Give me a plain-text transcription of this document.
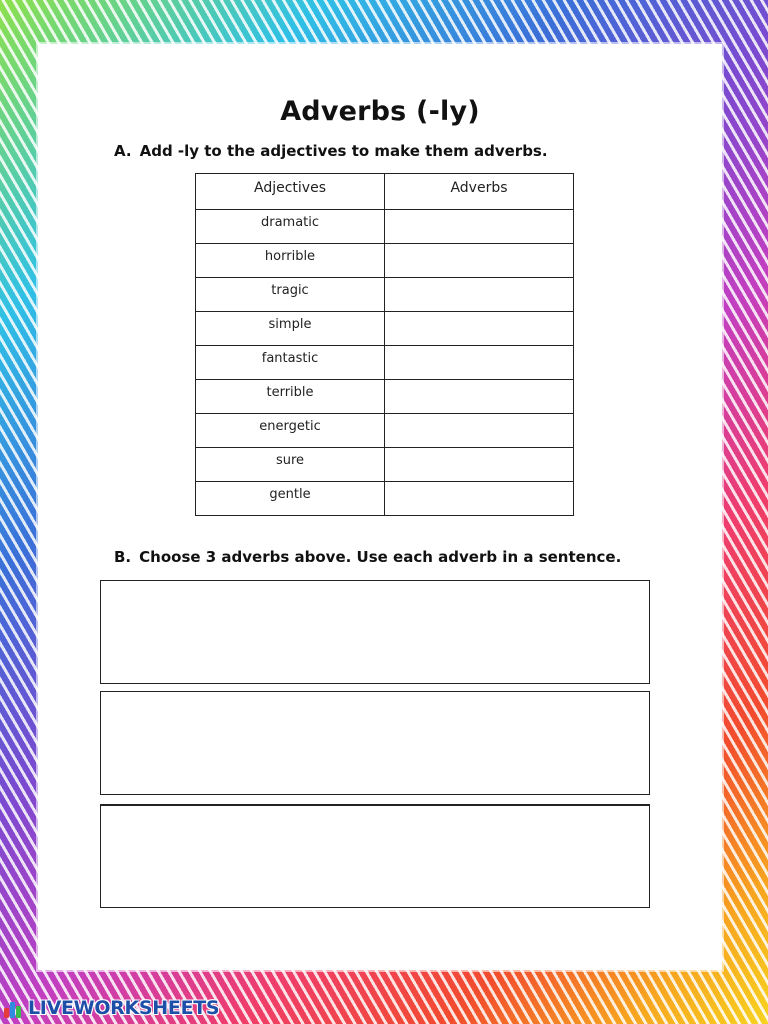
Adverbs (-ly)

A. Add -ly to the adjectives to make them adverbs.

Adjectives	Adverbs
dramatic	
horrible	
tragic	
simple	
fantastic	
terrible	
energetic	
sure	
gentle	

B. Choose 3 adverbs above. Use each adverb in a sentence.

LIVEWORKSHEETS
